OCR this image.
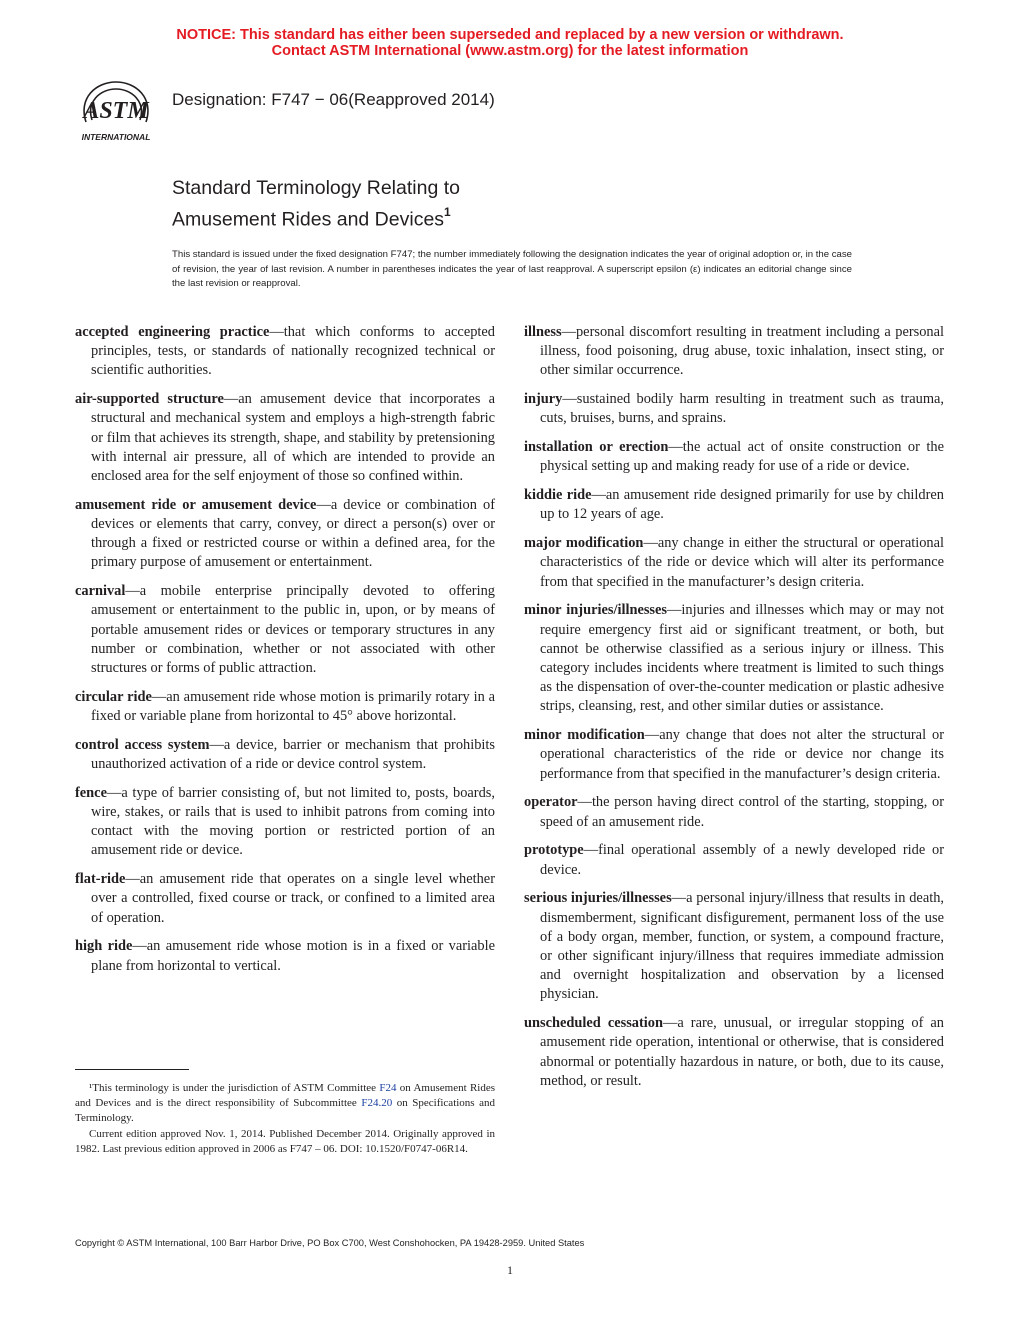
NOTICE: This standard has either been superseded and replaced by a new version or withdrawn.
Contact ASTM International (www.astm.org) for the latest information
ASTM
INTERNATIONAL
Designation: F747 − 06(Reapproved 2014)
Standard Terminology Relating to
Amusement Rides and Devices$^1$
This standard is issued under the fixed designation F747; the number immediately following the designation indicates the year of original adoption or, in the case of revision, the year of last revision. A number in parentheses indicates the year of last reapproval. A superscript epsilon (ε) indicates an editorial change since the last revision or reapproval.

accepted engineering practice—that which conforms to accepted principles, tests, or standards of nationally recognized technical or scientific authorities.

air-supported structure—an amusement device that incorporates a structural and mechanical system and employs a high-strength fabric or film that achieves its strength, shape, and stability by pretensioning with internal air pressure, all of which are intended to provide an enclosed area for the self enjoyment of those so confined within.

amusement ride or amusement device—a device or combination of devices or elements that carry, convey, or direct a person(s) over or through a fixed or restricted course or within a defined area, for the primary purpose of amusement or entertainment.

carnival—a mobile enterprise principally devoted to offering amusement or entertainment to the public in, upon, or by means of portable amusement rides or devices or temporary structures in any number or combination, whether or not associated with other structures or forms of public attraction.

circular ride—an amusement ride whose motion is primarily rotary in a fixed or variable plane from horizontal to 45° above horizontal.

control access system—a device, barrier or mechanism that prohibits unauthorized activation of a ride or device control system.

fence—a type of barrier consisting of, but not limited to, posts, boards, wire, stakes, or rails that is used to inhibit patrons from coming into contact with the moving portion or restricted portion of an amusement ride or device.

flat-ride—an amusement ride that operates on a single level whether over a controlled, fixed course or track, or confined to a limited area of operation.

high ride—an amusement ride whose motion is in a fixed or variable plane from horizontal to vertical.

illness—personal discomfort resulting in treatment including a personal illness, food poisoning, drug abuse, toxic inhalation, insect sting, or other similar occurrence.

injury—sustained bodily harm resulting in treatment such as trauma, cuts, bruises, burns, and sprains.

installation or erection—the actual act of onsite construction or the physical setting up and making ready for use of a ride or device.

kiddie ride—an amusement ride designed primarily for use by children up to 12 years of age.

major modification—any change in either the structural or operational characteristics of the ride or device which will alter its performance from that specified in the manufacturer’s design criteria.

minor injuries/illnesses—injuries and illnesses which may or may not require emergency first aid or significant treatment, or both, but cannot be otherwise classified as a serious injury or illness. This category includes incidents where treatment is limited to such things as the dispensation of over-the-counter medication or plastic adhesive strips, cleansing, rest, and other similar duties or assistance.

minor modification—any change that does not alter the structural or operational characteristics of the ride or device nor change its performance from that specified in the manufacturer’s design criteria.

operator—the person having direct control of the starting, stopping, or speed of an amusement ride.

prototype—final operational assembly of a newly developed ride or device.

serious injuries/illnesses—a personal injury/illness that results in death, dismemberment, significant disfigurement, permanent loss of the use of a body organ, member, function, or system, a compound fracture, or other significant injury/illness that requires immediate admission and overnight hospitalization and observation by a licensed physician.

unscheduled cessation—a rare, unusual, or irregular stopping of an amusement ride operation, intentional or otherwise, that is considered abnormal or potentially hazardous in nature, or both, due to its cause, method, or result.

¹This terminology is under the jurisdiction of ASTM Committee F24 on Amusement Rides and Devices and is the direct responsibility of Subcommittee F24.20 on Specifications and Terminology.

Current edition approved Nov. 1, 2014. Published December 2014. Originally approved in 1982. Last previous edition approved in 2006 as F747 – 06. DOI: 10.1520/F0747-06R14.

Copyright © ASTM International, 100 Barr Harbor Drive, PO Box C700, West Conshohocken, PA 19428-2959. United States
1
